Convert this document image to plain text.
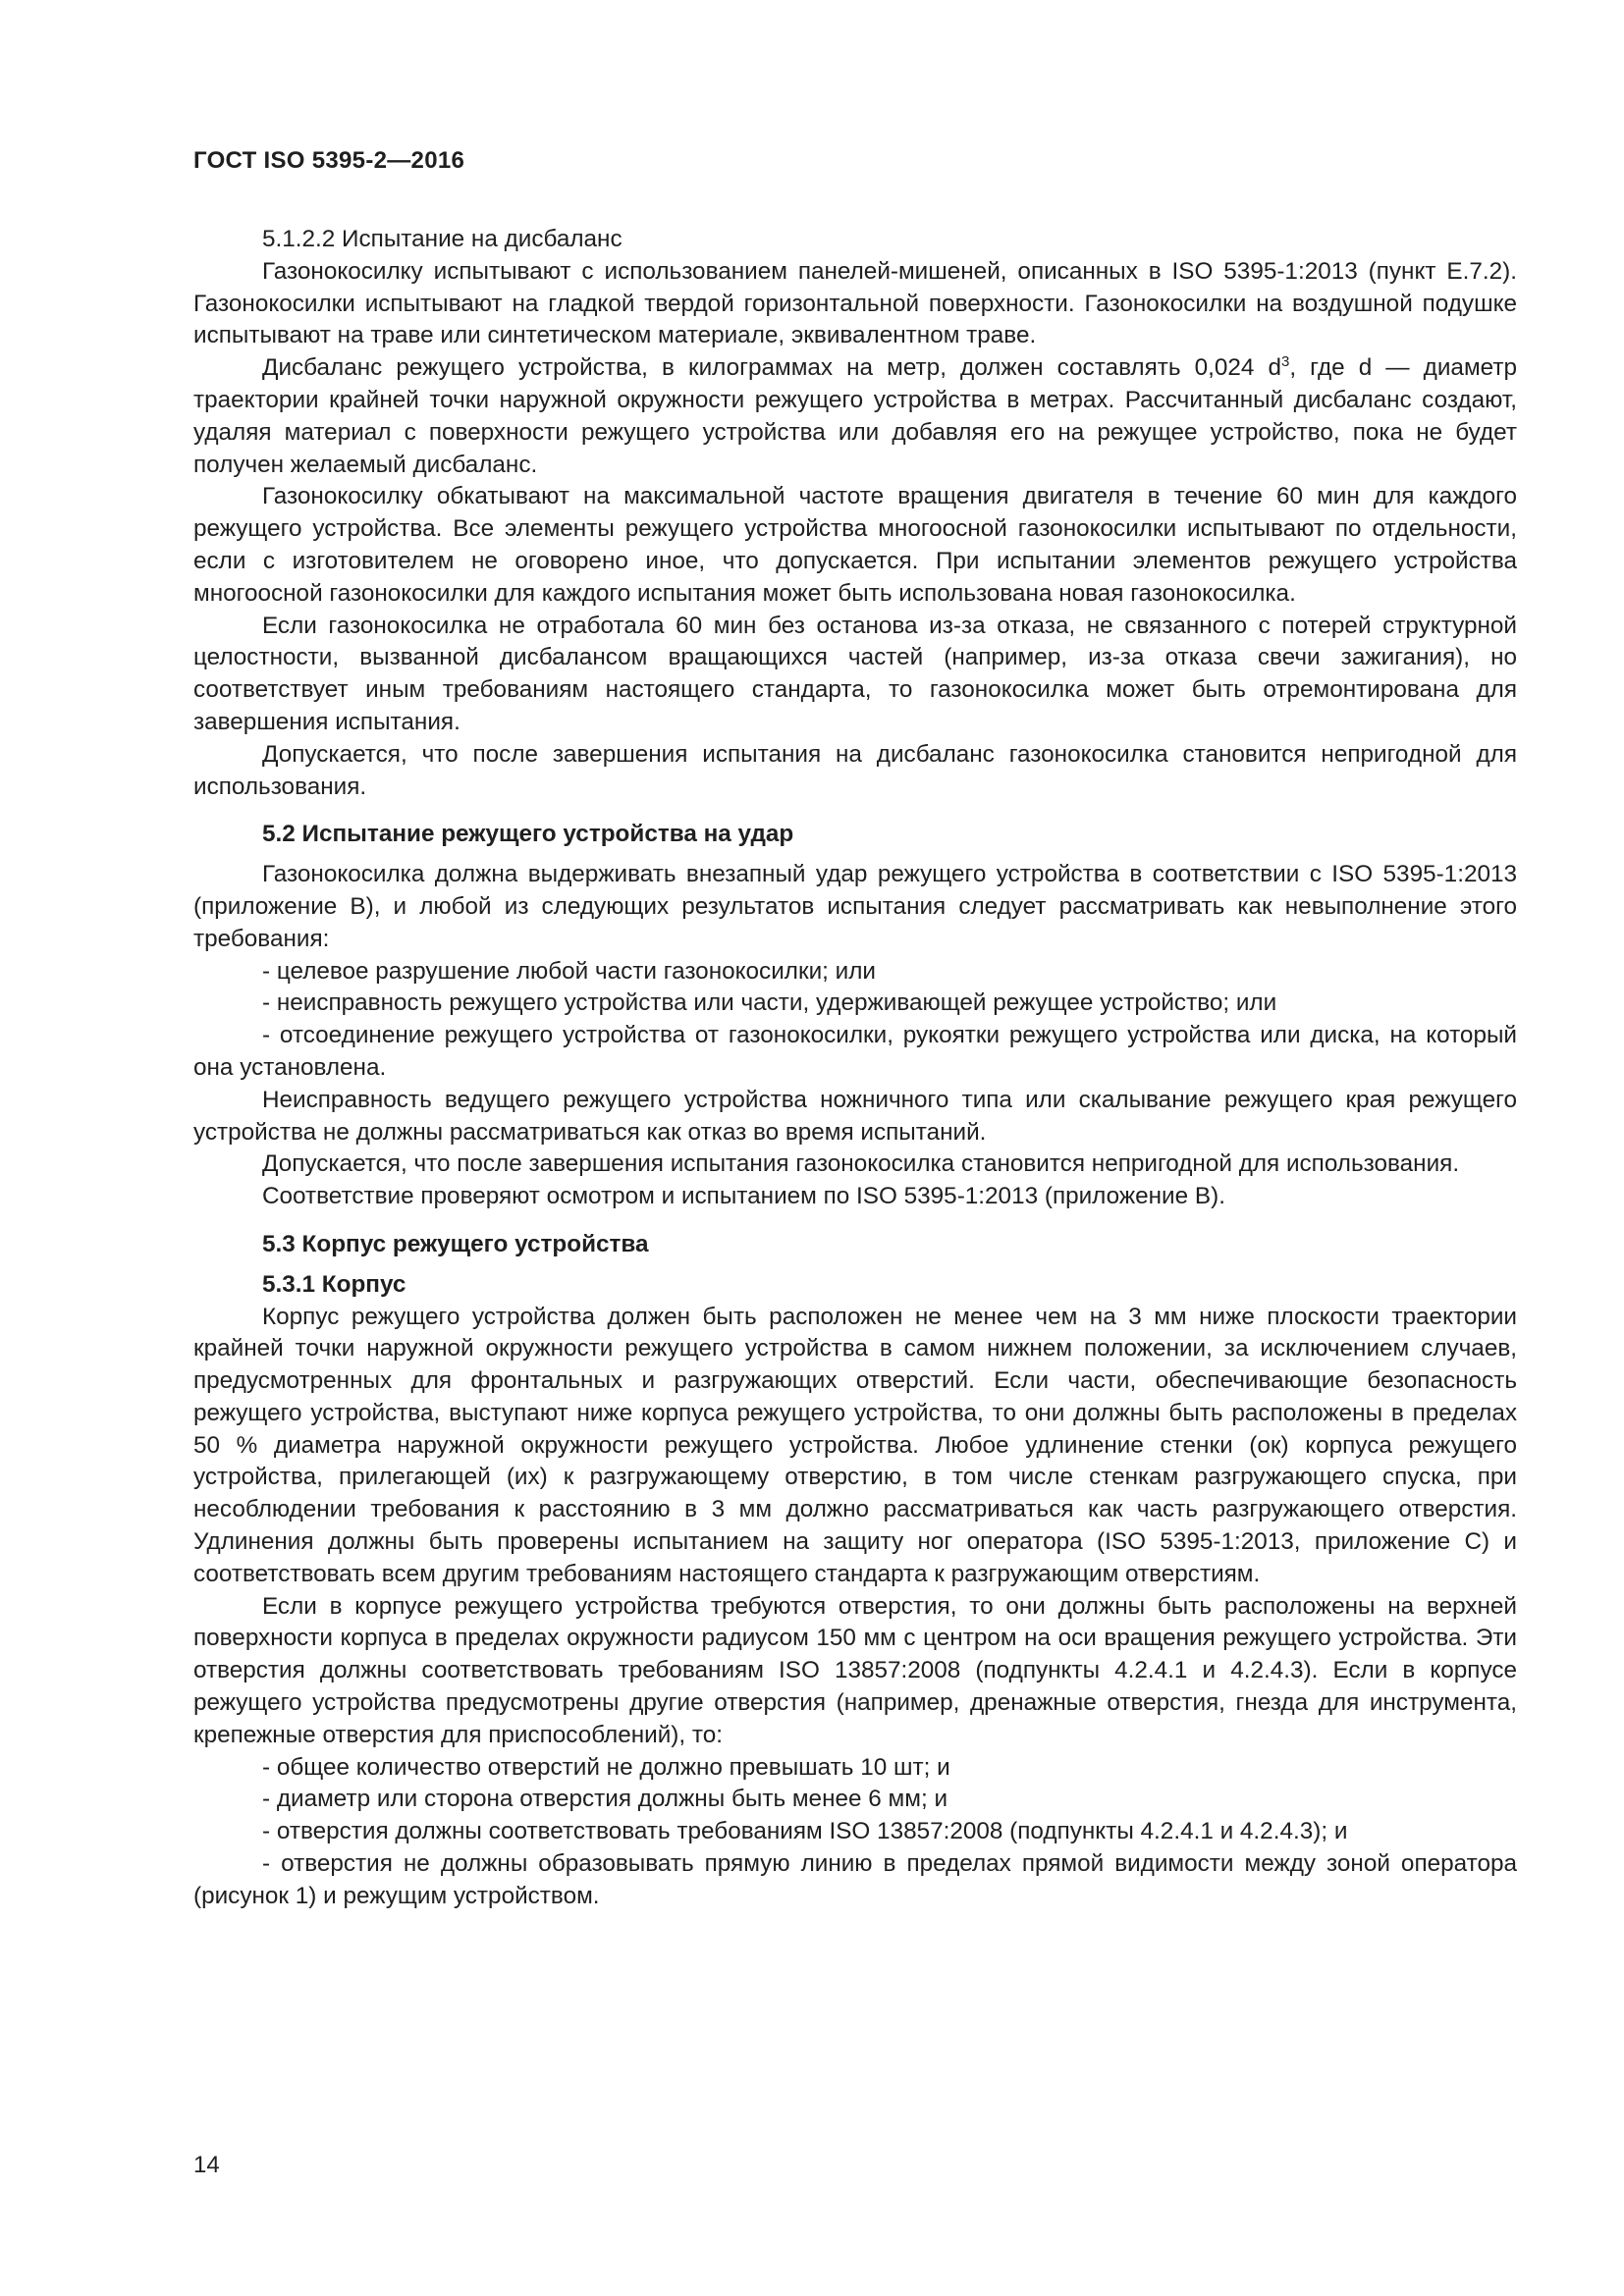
ГОСТ ISO 5395-2—2016

5.1.2.2 Испытание на дисбаланс

Газонокосилку испытывают с использованием панелей-мишеней, описанных в ISO 5395-1:2013 (пункт Е.7.2). Газонокосилки испытывают на гладкой твердой горизонтальной поверхности. Газонокосилки на воздушной подушке испытывают на траве или синтетическом материале, эквивалентном траве.

Дисбаланс режущего устройства, в килограммах на метр, должен составлять 0,024 $d^3$, где d — диаметр траектории крайней точки наружной окружности режущего устройства в метрах. Рассчитанный дисбаланс создают, удаляя материал с поверхности режущего устройства или добавляя его на режущее устройство, пока не будет получен желаемый дисбаланс.

Газонокосилку обкатывают на максимальной частоте вращения двигателя в течение 60 мин для каждого режущего устройства. Все элементы режущего устройства многоосной газонокосилки испытывают по отдельности, если с изготовителем не оговорено иное, что допускается. При испытании элементов режущего устройства многоосной газонокосилки для каждого испытания может быть использована новая газонокосилка.

Если газонокосилка не отработала 60 мин без останова из-за отказа, не связанного с потерей структурной целостности, вызванной дисбалансом вращающихся частей (например, из-за отказа свечи зажигания), но соответствует иным требованиям настоящего стандарта, то газонокосилка может быть отремонтирована для завершения испытания.

Допускается, что после завершения испытания на дисбаланс газонокосилка становится непригодной для использования.

5.2 Испытание режущего устройства на удар

Газонокосилка должна выдерживать внезапный удар режущего устройства в соответствии с ISO 5395-1:2013 (приложение В), и любой из следующих результатов испытания следует рассматривать как невыполнение этого требования:

- целевое разрушение любой части газонокосилки; или

- неисправность режущего устройства или части, удерживающей режущее устройство; или

- отсоединение режущего устройства от газонокосилки, рукоятки режущего устройства или диска, на который она установлена.

Неисправность ведущего режущего устройства ножничного типа или скалывание режущего края режущего устройства не должны рассматриваться как отказ во время испытаний.

Допускается, что после завершения испытания газонокосилка становится непригодной для использования.

Соответствие проверяют осмотром и испытанием по ISO 5395-1:2013 (приложение В).

5.3 Корпус режущего устройства
5.3.1 Корпус

Корпус режущего устройства должен быть расположен не менее чем на 3 мм ниже плоскости траектории крайней точки наружной окружности режущего устройства в самом нижнем положении, за исключением случаев, предусмотренных для фронтальных и разгружающих отверстий. Если части, обеспечивающие безопасность режущего устройства, выступают ниже корпуса режущего устройства, то они должны быть расположены в пределах 50 % диаметра наружной окружности режущего устройства. Любое удлинение стенки (ок) корпуса режущего устройства, прилегающей (их) к разгружающему отверстию, в том числе стенкам разгружающего спуска, при несоблюдении требования к расстоянию в 3 мм должно рассматриваться как часть разгружающего отверстия. Удлинения должны быть проверены испытанием на защиту ног оператора (ISO 5395-1:2013, приложение С) и соответствовать всем другим требованиям настоящего стандарта к разгружающим отверстиям.

Если в корпусе режущего устройства требуются отверстия, то они должны быть расположены на верхней поверхности корпуса в пределах окружности радиусом 150 мм с центром на оси вращения режущего устройства. Эти отверстия должны соответствовать требованиям ISO 13857:2008 (подпункты 4.2.4.1 и 4.2.4.3). Если в корпусе режущего устройства предусмотрены другие отверстия (например, дренажные отверстия, гнезда для инструмента, крепежные отверстия для приспособлений), то:

- общее количество отверстий не должно превышать 10 шт; и

- диаметр или сторона отверстия должны быть менее 6 мм; и

- отверстия должны соответствовать требованиям ISO 13857:2008 (подпункты 4.2.4.1 и 4.2.4.3); и

- отверстия не должны образовывать прямую линию в пределах прямой видимости между зоной оператора (рисунок 1) и режущим устройством.

14
